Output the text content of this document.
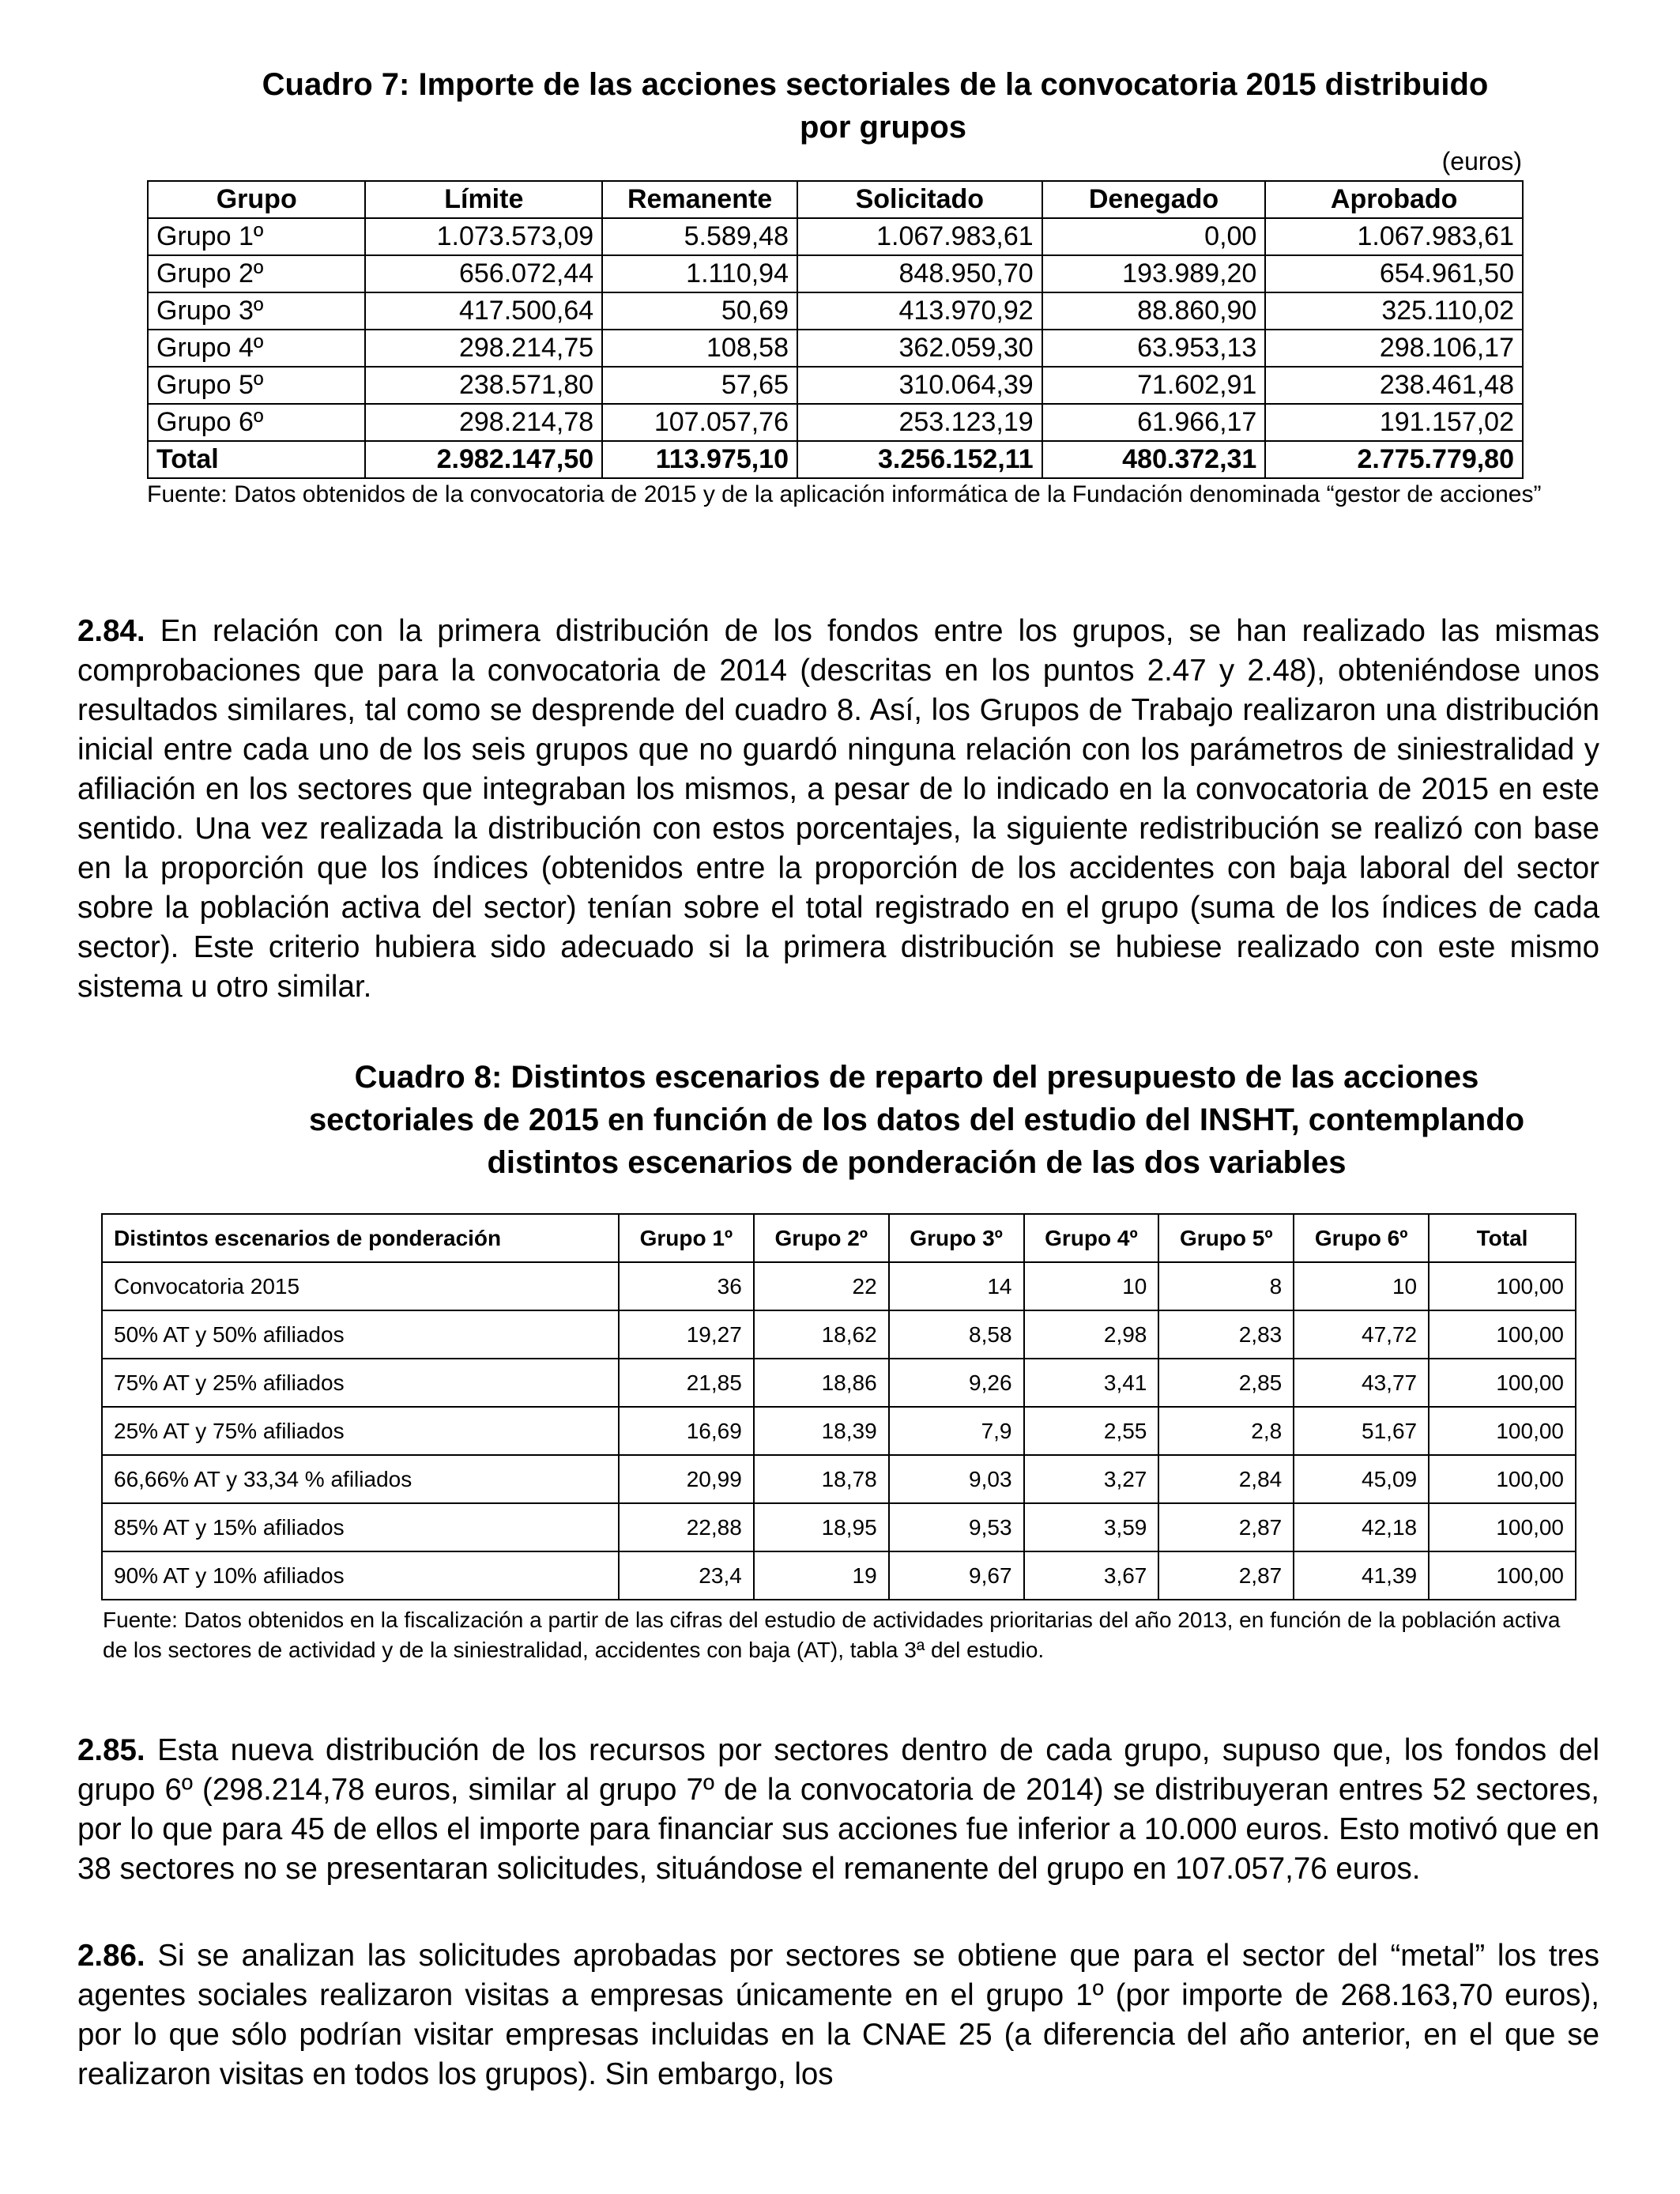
Cuadro 7: Importe de las acciones sectoriales de la convocatoria 2015 distribuido
por grupos
(euros)
Grupo	Límite	Remanente	Solicitado	Denegado	Aprobado
Grupo 1º	1.073.573,09	5.589,48	1.067.983,61	0,00	1.067.983,61
Grupo 2º	656.072,44	1.110,94	848.950,70	193.989,20	654.961,50
Grupo 3º	417.500,64	50,69	413.970,92	88.860,90	325.110,02
Grupo 4º	298.214,75	108,58	362.059,30	63.953,13	298.106,17
Grupo 5º	238.571,80	57,65	310.064,39	71.602,91	238.461,48
Grupo 6º	298.214,78	107.057,76	253.123,19	61.966,17	191.157,02
Total	2.982.147,50	113.975,10	3.256.152,11	480.372,31	2.775.779,80
Fuente: Datos obtenidos de la convocatoria de 2015 y de la aplicación informática de la Fundación denominada “gestor de acciones”

2.84. En relación con la primera distribución de los fondos entre los grupos, se han realizado las mismas comprobaciones que para la convocatoria de 2014 (descritas en los puntos 2.47 y 2.48), obteniéndose unos resultados similares, tal como se desprende del cuadro 8. Así, los Grupos de Trabajo realizaron una distribución inicial entre cada uno de los seis grupos que no guardó ninguna relación con los parámetros de siniestralidad y afiliación en los sectores que integraban los mismos, a pesar de lo indicado en la convocatoria de 2015 en este sentido. Una vez realizada la distribución con estos porcentajes, la siguiente redistribución se realizó con base en la proporción que los índices (obtenidos entre la proporción de los accidentes con baja laboral del sector sobre la población activa del sector) tenían sobre el total registrado en el grupo (suma de los índices de cada sector). Este criterio hubiera sido adecuado si la primera distribución se hubiese realizado con este mismo sistema u otro similar.

Cuadro 8: Distintos escenarios de reparto del presupuesto de las acciones
sectoriales de 2015 en función de los datos del estudio del INSHT, contemplando
distintos escenarios de ponderación de las dos variables
Distintos escenarios de ponderación	Grupo 1º	Grupo 2º	Grupo 3º	Grupo 4º	Grupo 5º	Grupo 6º	Total
Convocatoria 2015	36	22	14	10	8	10	100,00
50% AT y 50% afiliados	19,27	18,62	8,58	2,98	2,83	47,72	100,00
75% AT y 25% afiliados	21,85	18,86	9,26	3,41	2,85	43,77	100,00
25% AT y 75% afiliados	16,69	18,39	7,9	2,55	2,8	51,67	100,00
66,66% AT y 33,34 % afiliados	20,99	18,78	9,03	3,27	2,84	45,09	100,00
85% AT y 15% afiliados	22,88	18,95	9,53	3,59	2,87	42,18	100,00
90% AT y 10% afiliados	23,4	19	9,67	3,67	2,87	41,39	100,00
Fuente: Datos obtenidos en la fiscalización a partir de las cifras del estudio de actividades prioritarias del año 2013, en función de la población activa de los sectores de actividad y de la siniestralidad, accidentes con baja (AT), tabla 3ª del estudio.

2.85. Esta nueva distribución de los recursos por sectores dentro de cada grupo, supuso que, los fondos del grupo 6º (298.214,78 euros, similar al grupo 7º de la convocatoria de 2014) se distribuyeran entres 52 sectores, por lo que para 45 de ellos el importe para financiar sus acciones fue inferior a 10.000 euros. Esto motivó que en 38 sectores no se presentaran solicitudes, situándose el remanente del grupo en 107.057,76 euros.

2.86. Si se analizan las solicitudes aprobadas por sectores se obtiene que para el sector del “metal” los tres agentes sociales realizaron visitas a empresas únicamente en el grupo 1º (por importe de 268.163,70 euros), por lo que sólo podrían visitar empresas incluidas en la CNAE 25 (a diferencia del año anterior, en el que se realizaron visitas en todos los grupos). Sin embargo, los
